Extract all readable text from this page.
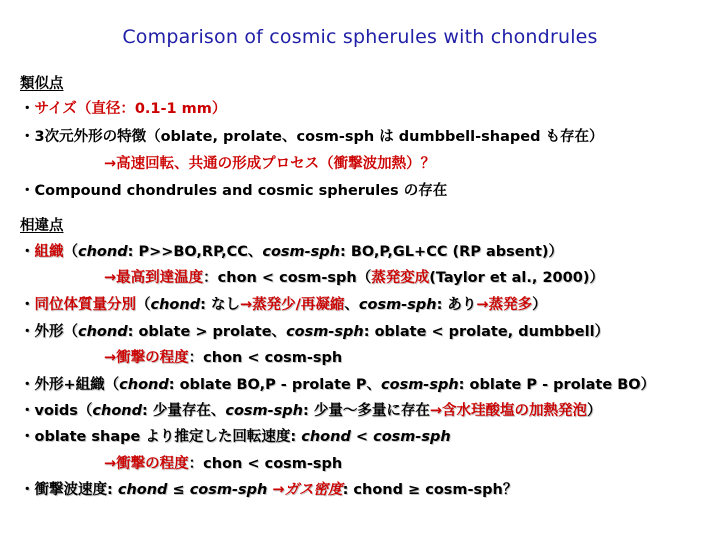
Comparison of cosmic spherules with chondrules
類似点
・サイズ（直径：0.1-1 mm）
・3次元外形の特徴（oblate, prolate、cosm-sph は dumbbell-shaped も存在）
→高速回転、共通の形成プロセス（衝撃波加熱）？
・Compound chondrules and cosmic spherules の存在
相違点
・組織（chond: P>>BO,RP,CC、cosm-sph: BO,P,GL+CC (RP absent)）
→最高到達温度：chon < cosm-sph（蒸発変成(Taylor et al., 2000)）
・同位体質量分別（chond: なし→蒸発少/再凝縮、cosm-sph: あり→蒸発多）
・外形（chond: oblate > prolate、cosm-sph: oblate < prolate, dumbbell）
→衝撃の程度：chon < cosm-sph
・外形+組織（chond: oblate BO,P - prolate P、cosm-sph: oblate P - prolate BO）
・voids（chond: 少量存在、cosm-sph: 少量～多量に存在→含水珪酸塩の加熱発泡）
・oblate shape より推定した回転速度: chond < cosm-sph
→衝撃の程度：chon < cosm-sph
・衝撃波速度: chond ≤ cosm-sph →ガス密度: chond ≥ cosm-sph？
